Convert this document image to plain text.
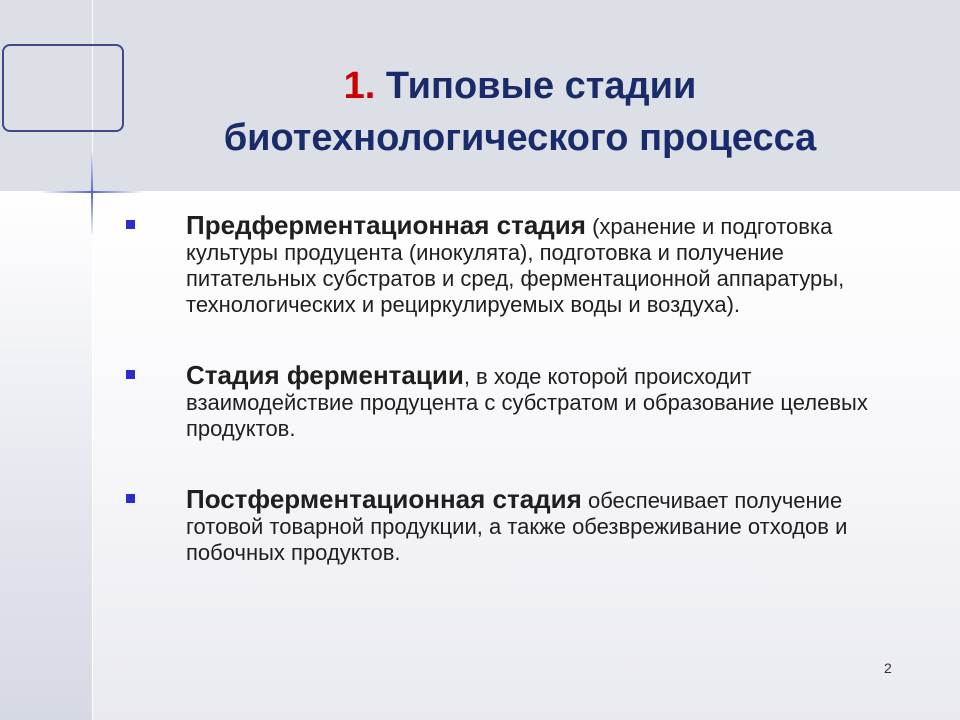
1. Типовые стадии
биотехнологического процесса
Предферментационная стадия (хранение и подготовка культуры продуцента (инокулята), подготовка и получение питательных субстратов и сред, ферментационной аппаратуры, технологических и рециркулируемых воды и воздуха).
Стадия ферментации, в ходе которой происходит взаимодействие продуцента с субстратом и образование целевых продуктов.
Постферментационная стадия обеспечивает получение готовой товарной продукции, а также обезвреживание отходов и побочных продуктов.
2
